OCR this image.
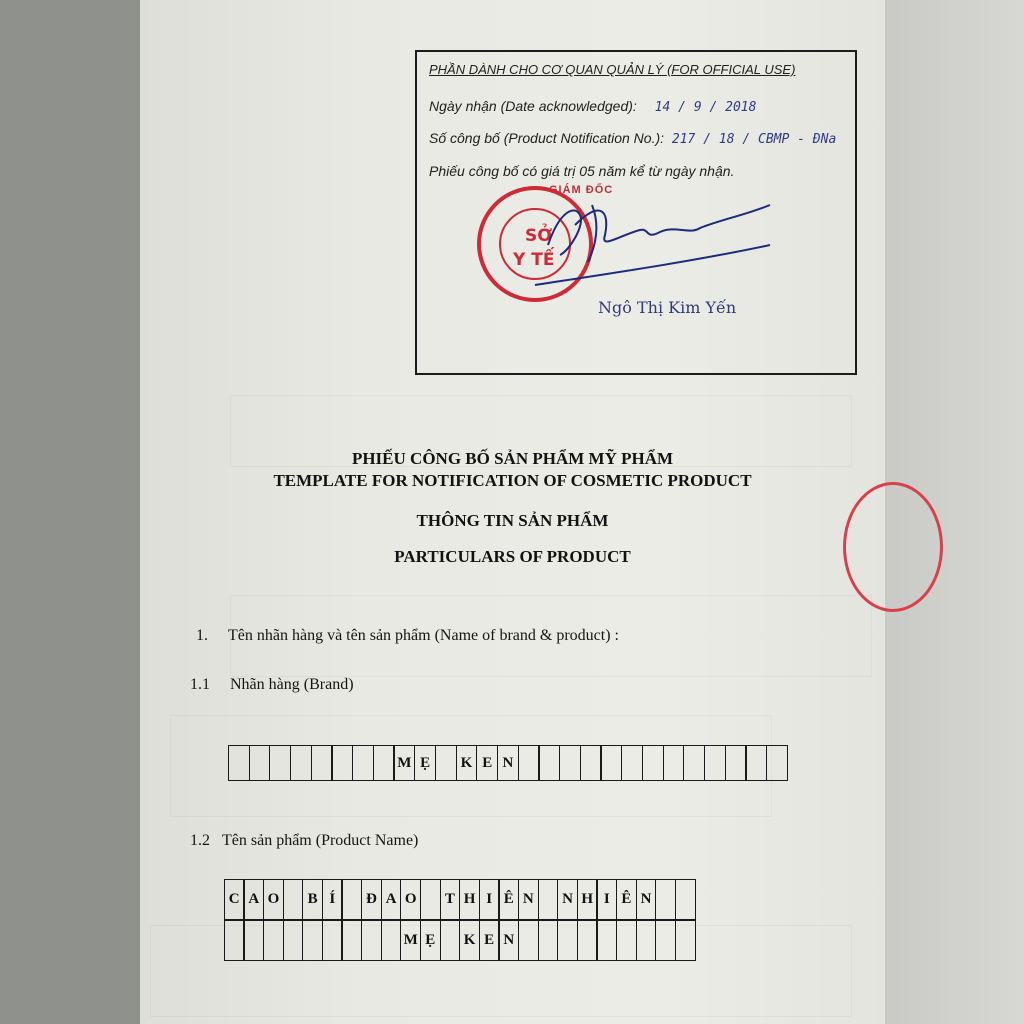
PHẦN DÀNH CHO CƠ QUAN QUẢN LÝ (FOR OFFICIAL USE)
Ngày nhận (Date acknowledged): 14 / 9 / 2018
Số công bố (Product Notification No.): 217 / 18 / CBMP - ĐNa
Phiếu công bố có giá trị 05 năm kể từ ngày nhận.
GIÁM ĐỐC
SỞ
Y TẾ
Ngô Thị Kim Yến
PHIẾU CÔNG BỐ SẢN PHẨM MỸ PHẨM
TEMPLATE FOR NOTIFICATION OF COSMETIC PRODUCT
THÔNG TIN SẢN PHẨM
PARTICULARS OF PRODUCT
1. Tên nhãn hàng và tên sản phẩm (Name of brand & product) :
1.1 Nhãn hàng (Brand)
M Ẹ	K E N
1.2 Tên sản phẩm (Product Name)
C A O	B Í	Đ A O	T H I Ê N	N H I Ê N
M Ẹ	K E N
